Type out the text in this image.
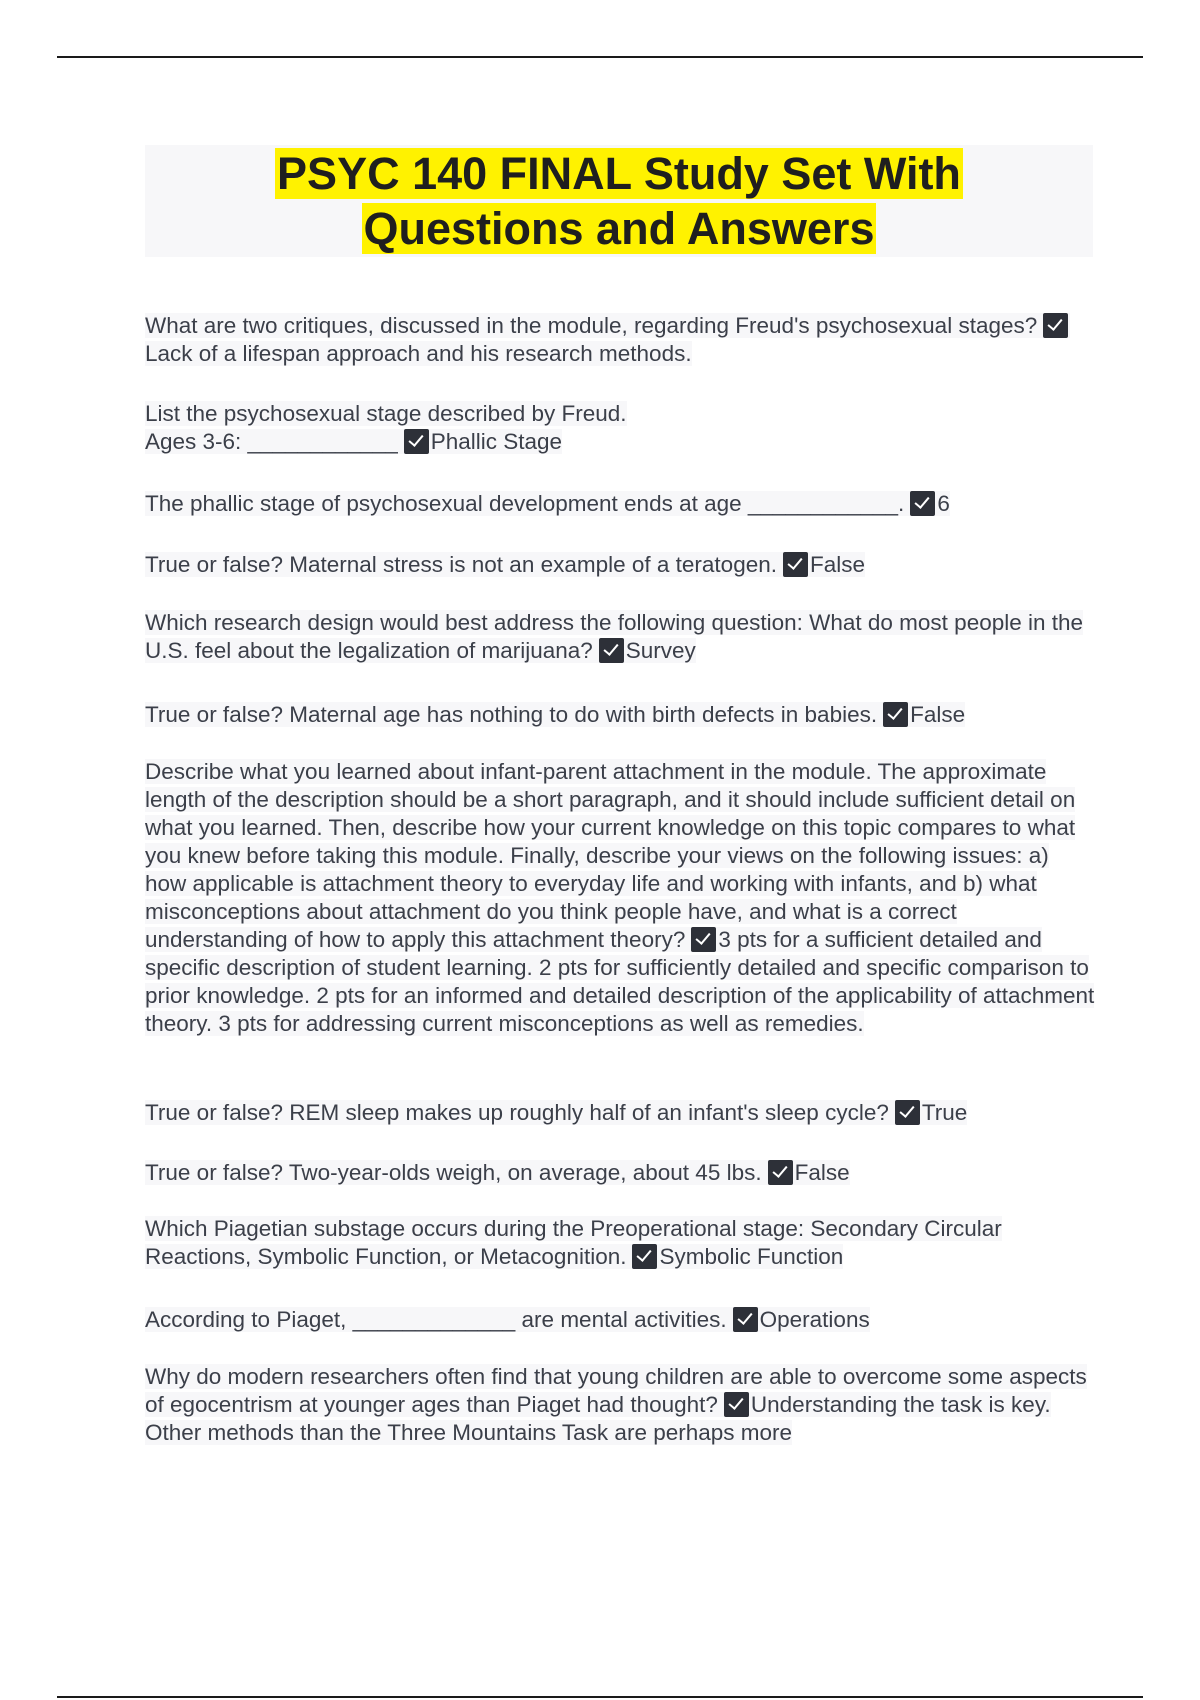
PSYC 140 FINAL Study Set With
Questions and Answers
What are two critiques, discussed in the module, regarding Freud's psychosexual stages?Lack of a lifespan approach and his research methods.
List the psychosexual stage described by Freud.
Ages 3-6: ____________ Phallic Stage
The phallic stage of psychosexual development ends at age ____________. 6
True or false? Maternal stress is not an example of a teratogen. False
Which research design would best address the following question: What do most people in the U.S. feel about the legalization of marijuana? Survey
True or false? Maternal age has nothing to do with birth defects in babies. False
Describe what you learned about infant-parent attachment in the module. The approximate length of the description should be a short paragraph, and it should include sufficient detail on what you learned. Then, describe how your current knowledge on this topic compares to what you knew before taking this module. Finally, describe your views on the following issues: a) how applicable is attachment theory to everyday life and working with infants, and b) what misconceptions about attachment do you think people have, and what is a correct understanding of how to apply this attachment theory? 3 pts for a sufficient detailed and specific description of student learning. 2 pts for sufficiently detailed and specific comparison to prior knowledge. 2 pts for an informed and detailed description of the applicability of attachment theory. 3 pts for addressing current misconceptions as well as remedies.
True or false? REM sleep makes up roughly half of an infant's sleep cycle? True
True or false? Two-year-olds weigh, on average, about 45 lbs. False
Which Piagetian substage occurs during the Preoperational stage: Secondary Circular Reactions, Symbolic Function, or Metacognition. Symbolic Function
According to Piaget, _____________ are mental activities. Operations
Why do modern researchers often find that young children are able to overcome some aspects of egocentrism at younger ages than Piaget had thought? Understanding the task is key. Other methods than the Three Mountains Task are perhaps more
